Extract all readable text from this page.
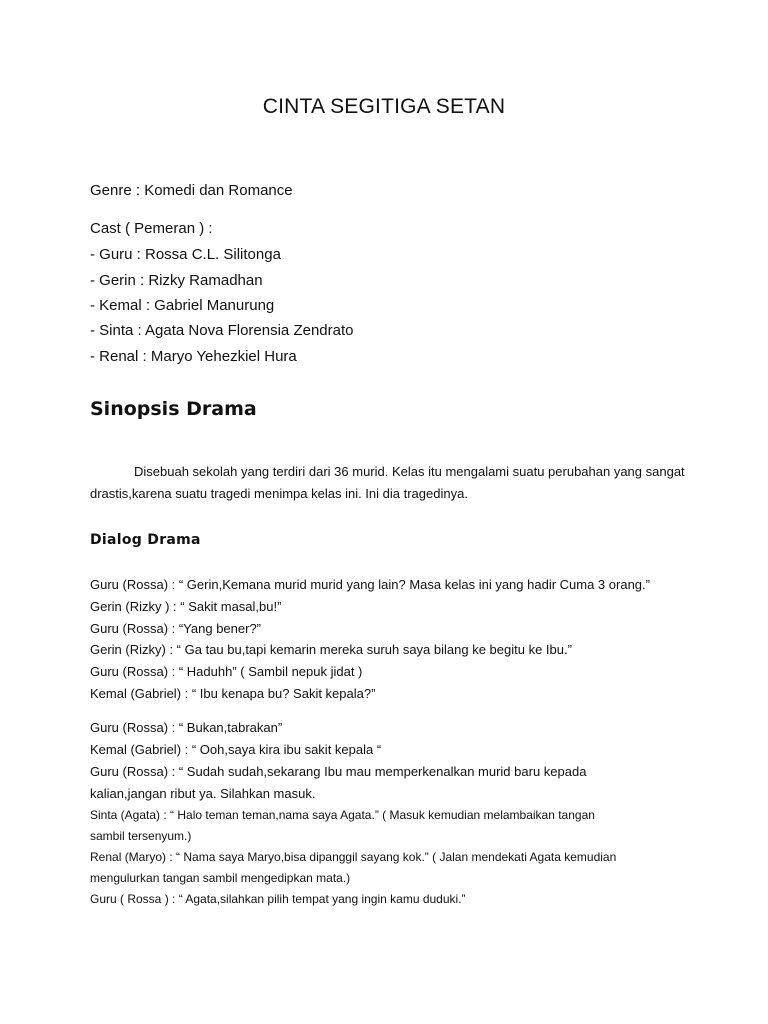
CINTA SEGITIGA SETAN
Genre : Komedi dan Romance
Cast ( Pemeran ) :
- Guru : Rossa C.L. Silitonga
- Gerin : Rizky Ramadhan
- Kemal : Gabriel Manurung
- Sinta : Agata Nova Florensia Zendrato
- Renal : Maryo Yehezkiel Hura
Sinopsis Drama

Disebuah sekolah yang terdiri dari 36 murid. Kelas itu mengalami suatu perubahan yang sangat drastis,karena suatu tragedi menimpa kelas ini. Ini dia tragedinya.

Dialog Drama
Guru (Rossa) : “ Gerin,Kemana murid murid yang lain? Masa kelas ini yang hadir Cuma 3 orang.”
Gerin (Rizky ) : “ Sakit masal,bu!”
Guru (Rossa) : “Yang bener?”
Gerin (Rizky) : “ Ga tau bu,tapi kemarin mereka suruh saya bilang ke begitu ke Ibu.”
Guru (Rossa) : “ Haduhh” ( Sambil nepuk jidat )
Kemal (Gabriel) : “ Ibu kenapa bu? Sakit kepala?”
Guru (Rossa) : “ Bukan,tabrakan”
Kemal (Gabriel) : “ Ooh,saya kira ibu sakit kepala “
Guru (Rossa) : “ Sudah sudah,sekarang Ibu mau memperkenalkan murid baru kepada
kalian,jangan ribut ya. Silahkan masuk.
Sinta (Agata) : “ Halo teman teman,nama saya Agata.” ( Masuk kemudian melambaikan tangan
sambil tersenyum.)
Renal (Maryo) : “ Nama saya Maryo,bisa dipanggil sayang kok.” ( Jalan mendekati Agata kemudian
mengulurkan tangan sambil mengedipkan mata.)
Guru ( Rossa ) : “ Agata,silahkan pilih tempat yang ingin kamu duduki.”
